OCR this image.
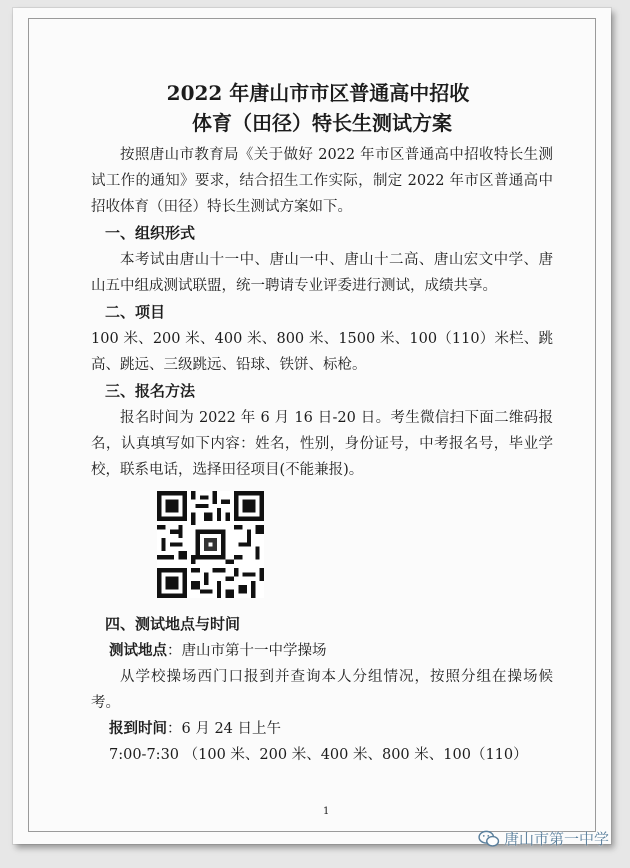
2022 年唐山市市区普通高中招收

体育（田径）特长生测试方案

按照唐山市教育局《关于做好 2022 年市区普通高中招收特长生测试工作的通知》要求，结合招生工作实际，制定 2022 年市区普通高中招收体育（田径）特长生测试方案如下。

一、组织形式

本考试由唐山十一中、唐山一中、唐山十二高、唐山宏文中学、唐山五中组成测试联盟，统一聘请专业评委进行测试，成绩共享。

二、项目

100 米、200 米、400 米、800 米、1500 米、100（110）米栏、跳高、跳远、三级跳远、铅球、铁饼、标枪。

三、报名方法

报名时间为 2022 年 6 月 16 日-20 日。考生微信扫下面二维码报名，认真填写如下内容：姓名，性别，身份证号，中考报名号，毕业学校，联系电话，选择田径项目(不能兼报)。

四、测试地点与时间

测试地点：唐山市第十一中学操场

从学校操场西门口报到并查询本人分组情况，按照分组在操场候考。

报到时间：6 月 24 日上午

7:00-7:30 （100 米、200 米、400 米、800 米、100（110）

1
唐山市第一中学
